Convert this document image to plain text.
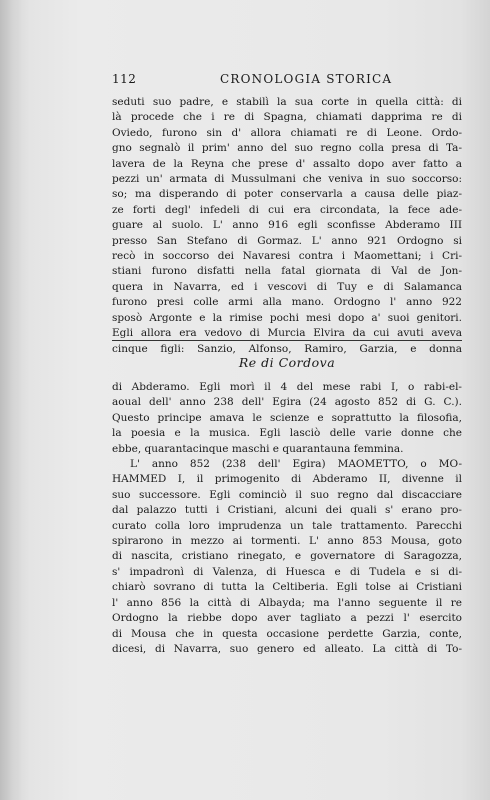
112	CRONOLOGIA STORICA
seduti suo padre, e stabilì la sua corte in quella città: di
là procede che i re di Spagna, chiamati dapprima re di
Oviedo, furono sin d' allora chiamati re di Leone. Ordo-
gno segnalò il prim' anno del suo regno colla presa di Ta-
lavera de la Reyna che prese d' assalto dopo aver fatto a
pezzi un' armata di Mussulmani che veniva in suo soccorso:
so; ma disperando di poter conservarla a causa delle piaz-
ze forti degl' infedeli di cui era circondata, la fece ade-
guare al suolo. L' anno 916 egli sconfisse Abderamo III
presso San Stefano di Gormaz. L' anno 921 Ordogno si
recò in soccorso dei Navaresi contra i Maomettani; i Cri-
stiani furono disfatti nella fatal giornata di Val de Jon-
quera in Navarra, ed i vescovi di Tuy e di Salamanca
furono presi colle armi alla mano. Ordogno l' anno 922
sposò Argonte e la rimise pochi mesi dopo a' suoi genitori.
Egli allora era vedovo di Murcia Elvira da cui avuti aveva
cinque figli: Sanzio, Alfonso, Ramiro, Garzia, e donna
Re di Cordova
di Abderamo. Egli morì il 4 del mese rabi I, o rabi-el-
aoual dell' anno 238 dell' Egira (24 agosto 852 di G. C.).
Questo principe amava le scienze e soprattutto la filosofia,
la poesia e la musica. Egli lasciò delle varie donne che
ebbe, quarantacinque maschi e quarantauna femmina.
L' anno 852 (238 dell' Egira) MAOMETTO, o MO-
HAMMED I, il primogenito di Abderamo II, divenne il
suo successore. Egli cominciò il suo regno dal discacciare
dal palazzo tutti i Cristiani, alcuni dei quali s' erano pro-
curato colla loro imprudenza un tale trattamento. Parecchi
spirarono in mezzo ai tormenti. L' anno 853 Mousa, goto
di nascita, cristiano rinegato, e governatore di Saragozza,
s' impadronì di Valenza, di Huesca e di Tudela e si di-
chiarò sovrano di tutta la Celtiberia. Egli tolse ai Cristiani
l' anno 856 la città di Albayda; ma l'anno seguente il re
Ordogno la riebbe dopo aver tagliato a pezzi l' esercito
di Mousa che in questa occasione perdette Garzia, conte,
dicesi, di Navarra, suo genero ed alleato. La città di To-
